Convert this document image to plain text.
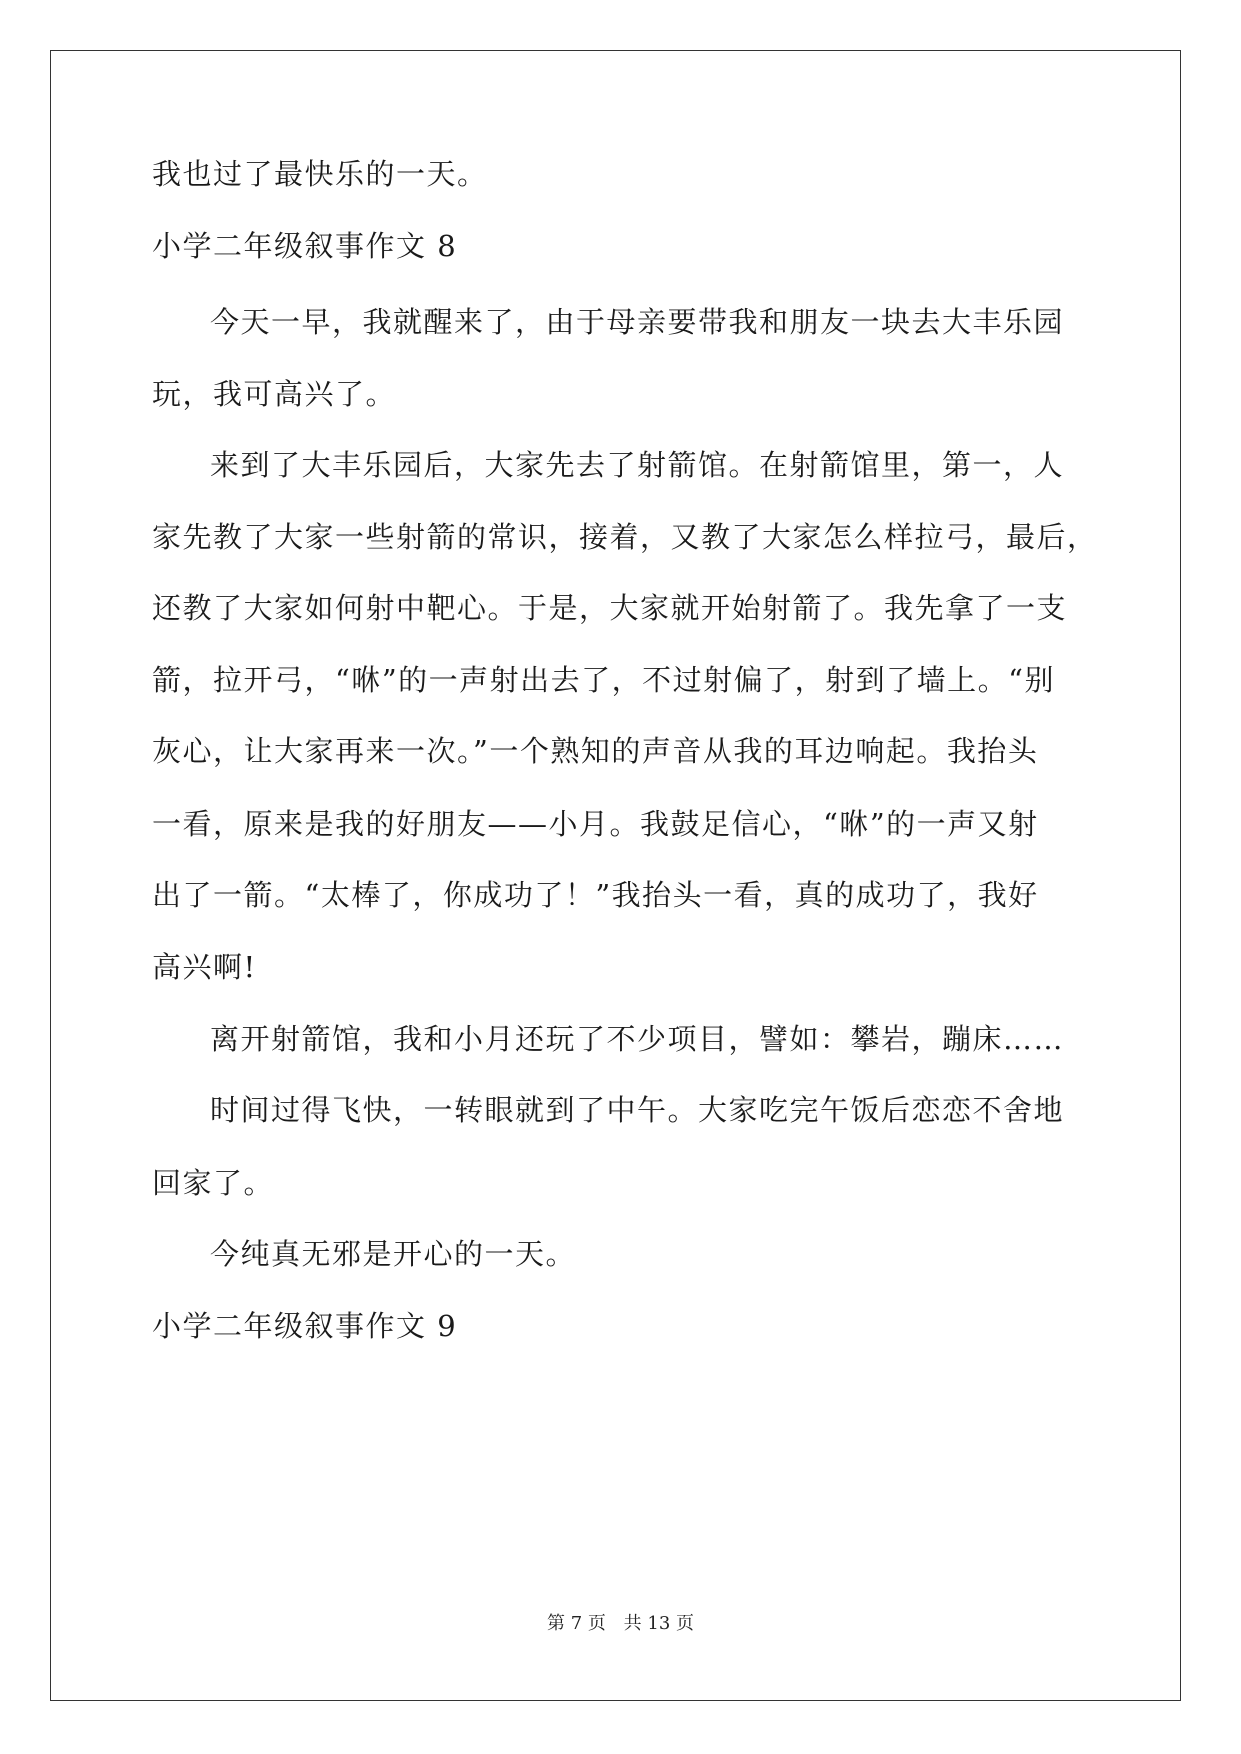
我也过了最快乐的一天。
小学二年级叙事作文 8
今天一早，我就醒来了，由于母亲要带我和朋友一块去大丰乐园
玩，我可高兴了。
来到了大丰乐园后，大家先去了射箭馆。在射箭馆里，第一，人
家先教了大家一些射箭的常识，接着，又教了大家怎么样拉弓，最后，
还教了大家如何射中靶心。于是，大家就开始射箭了。我先拿了一支
箭，拉开弓，“咻”的一声射出去了，不过射偏了，射到了墙上。“别
灰心，让大家再来一次。”一个熟知的声音从我的耳边响起。我抬头
一看，原来是我的好朋友——小月。我鼓足信心，“咻”的一声又射
出了一箭。“太棒了，你成功了！”我抬头一看，真的成功了，我好
高兴啊!
离开射箭馆，我和小月还玩了不少项目，譬如：攀岩，蹦床……
时间过得飞快，一转眼就到了中午。大家吃完午饭后恋恋不舍地
回家了。
今纯真无邪是开心的一天。
小学二年级叙事作文 9
第 7 页 共 13 页
